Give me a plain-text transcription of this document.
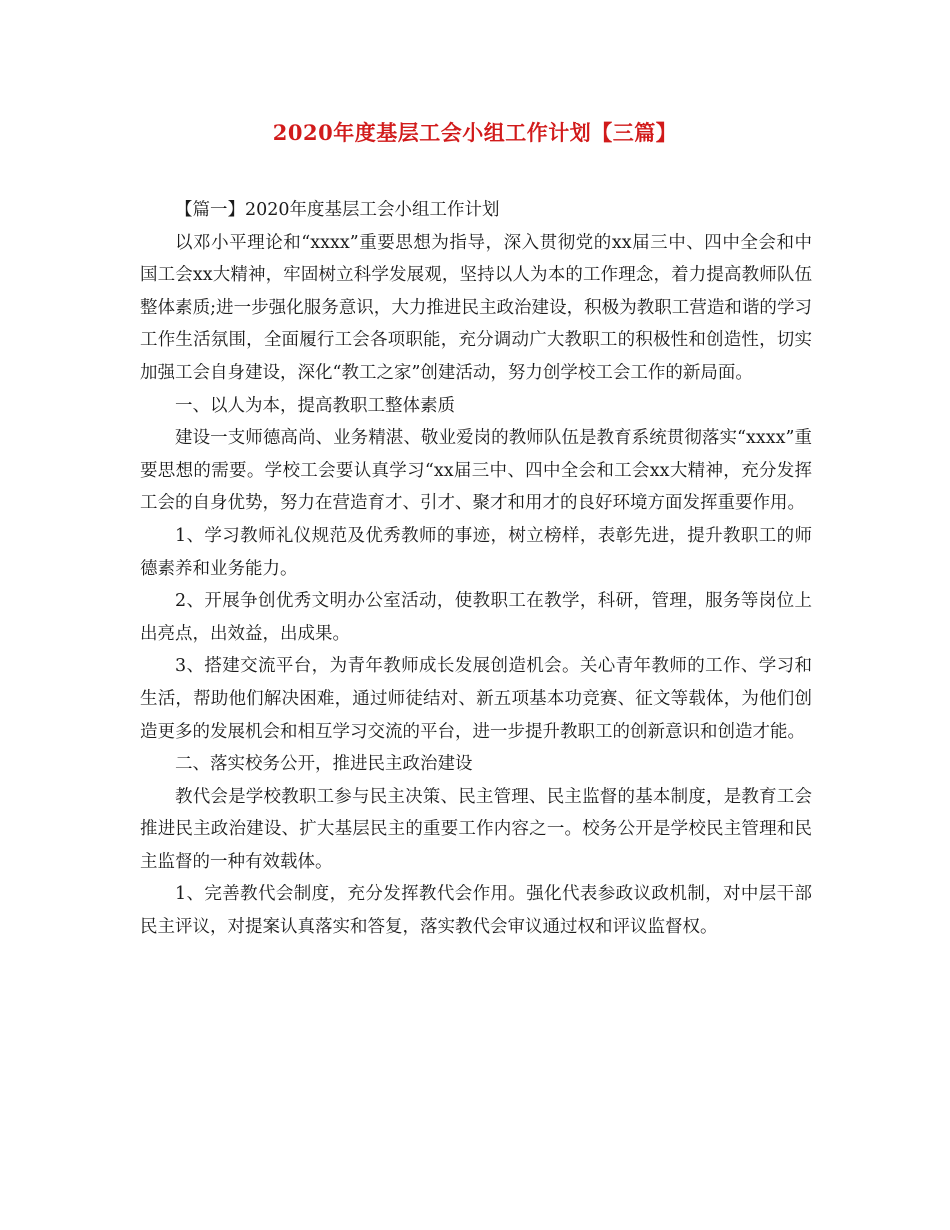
2020年度基层工会小组工作计划【三篇】

【篇一】2020年度基层工会小组工作计划

以邓小平理论和“xxxx”重要思想为指导，深入贯彻党的xx届三中、四中全会和中国工会xx大精神，牢固树立科学发展观，坚持以人为本的工作理念，着力提高教师队伍整体素质;进一步强化服务意识，大力推进民主政治建设，积极为教职工营造和谐的学习工作生活氛围，全面履行工会各项职能，充分调动广大教职工的积极性和创造性，切实加强工会自身建设，深化“教工之家”创建活动，努力创学校工会工作的新局面。

一、以人为本，提高教职工整体素质

建设一支师德高尚、业务精湛、敬业爱岗的教师队伍是教育系统贯彻落实“xxxx”重要思想的需要。学校工会要认真学习“xx届三中、四中全会和工会xx大精神，充分发挥工会的自身优势，努力在营造育才、引才、聚才和用才的良好环境方面发挥重要作用。

1、学习教师礼仪规范及优秀教师的事迹，树立榜样，表彰先进，提升教职工的师德素养和业务能力。

2、开展争创优秀文明办公室活动，使教职工在教学，科研，管理，服务等岗位上出亮点，出效益，出成果。

3、搭建交流平台，为青年教师成长发展创造机会。关心青年教师的工作、学习和生活，帮助他们解决困难，通过师徒结对、新五项基本功竞赛、征文等载体，为他们创造更多的发展机会和相互学习交流的平台，进一步提升教职工的创新意识和创造才能。

二、落实校务公开，推进民主政治建设

教代会是学校教职工参与民主决策、民主管理、民主监督的基本制度，是教育工会推进民主政治建设、扩大基层民主的重要工作内容之一。校务公开是学校民主管理和民主监督的一种有效载体。

1、完善教代会制度，充分发挥教代会作用。强化代表参政议政机制，对中层干部民主评议，对提案认真落实和答复，落实教代会审议通过权和评议监督权。
